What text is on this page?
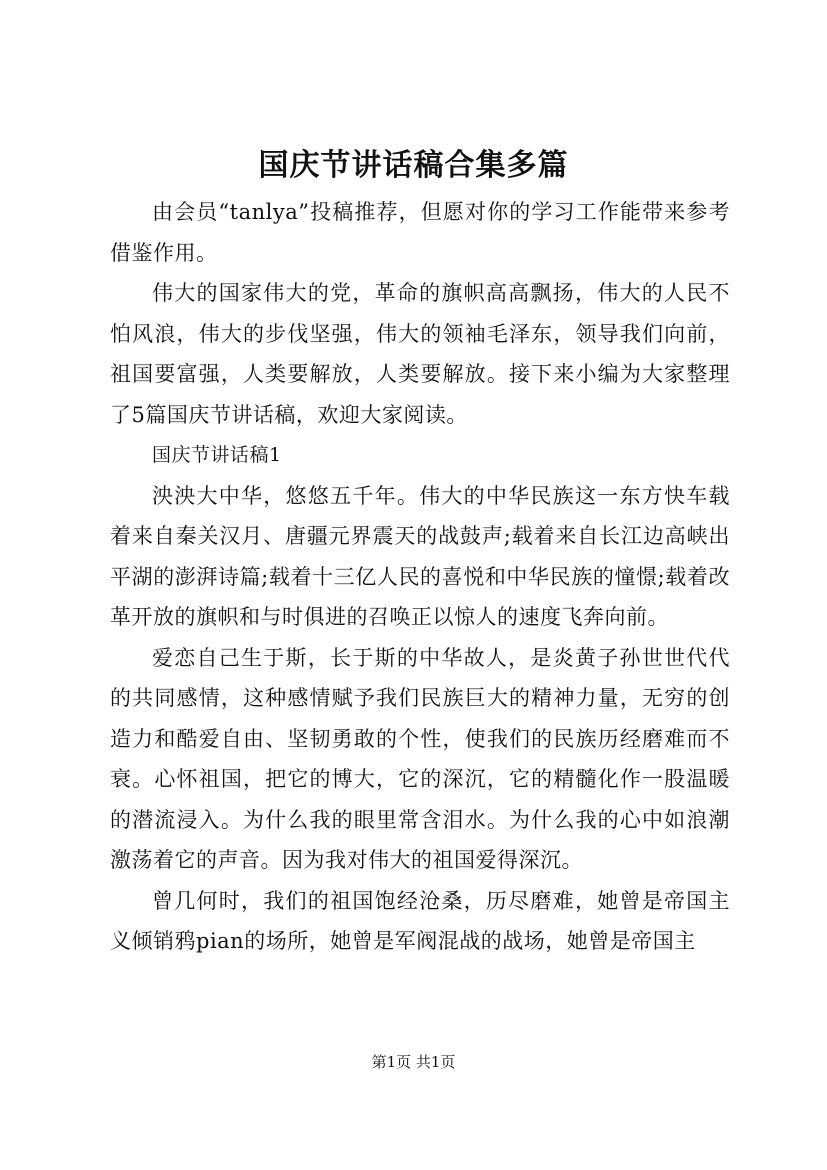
国庆节讲话稿合集多篇

由会员“tanlya”投稿推荐，但愿对你的学习工作能带来参考借鉴作用。

伟大的国家伟大的党，革命的旗帜高高飘扬，伟大的人民不怕风浪，伟大的步伐坚强，伟大的领袖毛泽东，领导我们向前，祖国要富强，人类要解放，人类要解放。接下来小编为大家整理了5篇国庆节讲话稿，欢迎大家阅读。

国庆节讲话稿1

泱泱大中华，悠悠五千年。伟大的中华民族这一东方快车载着来自秦关汉月、唐疆元界震天的战鼓声;载着来自长江边高峡出平湖的澎湃诗篇;载着十三亿人民的喜悦和中华民族的憧憬;载着改革开放的旗帜和与时俱进的召唤正以惊人的速度飞奔向前。

爱恋自己生于斯，长于斯的中华故人，是炎黄子孙世世代代的共同感情，这种感情赋予我们民族巨大的精神力量，无穷的创造力和酷爱自由、坚韧勇敢的个性，使我们的民族历经磨难而不衰。心怀祖国，把它的博大，它的深沉，它的精髓化作一股温暖的潜流浸入。为什么我的眼里常含泪水。为什么我的心中如浪潮激荡着它的声音。因为我对伟大的祖国爱得深沉。

曾几何时，我们的祖国饱经沧桑，历尽磨难，她曾是帝国主义倾销鸦pian的场所，她曾是军阀混战的战场，她曾是帝国主

第1页 共1页
